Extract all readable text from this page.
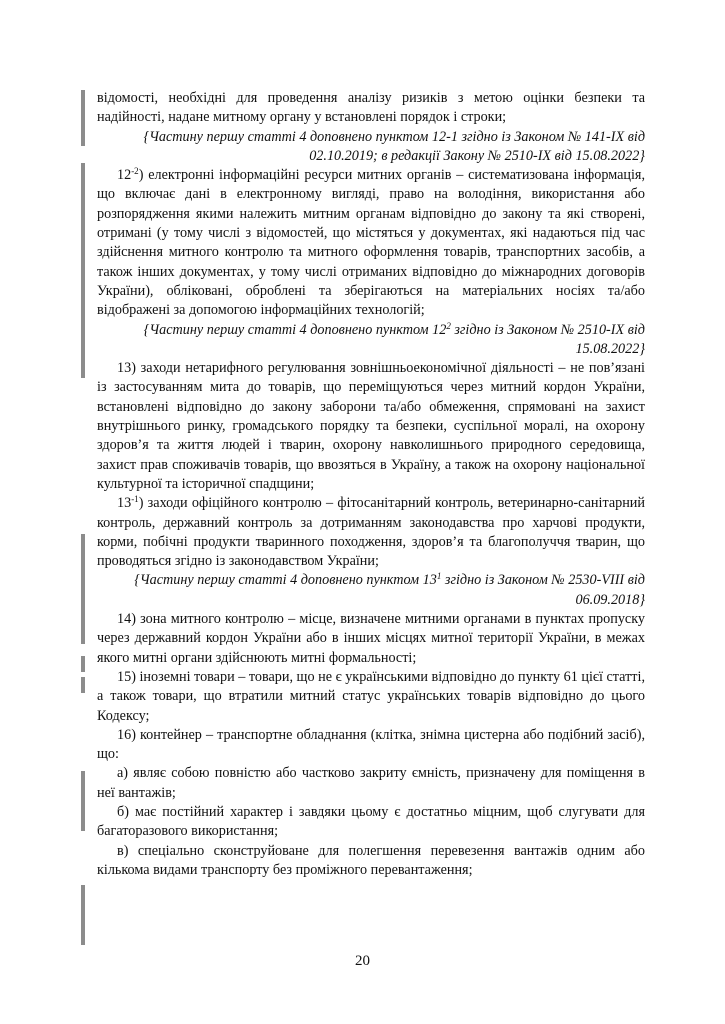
відомості, необхідні для проведення аналізу ризиків з метою оцінки безпеки та надійності, надане митному органу у встановлені порядок і строки;

{Частину першу статті 4 доповнено пунктом 12-1 згідно із Законом № 141-IX від 02.10.2019; в редакції Закону № 2510-IX від 15.08.2022}

$12^{-2}$) електронні інформаційні ресурси митних органів – систематизована інформація, що включає дані в електронному вигляді, право на володіння, використання або розпорядження якими належить митним органам відповідно до закону та які створені, отримані (у тому числі з відомостей, що містяться у документах, які надаються під час здійснення митного контролю та митного оформлення товарів, транспортних засобів, а також інших документах, у тому числі отриманих відповідно до міжнародних договорів України), обліковані, оброблені та зберігаються на матеріальних носіях та/або відображені за допомогою інформаційних технологій;

{Частину першу статті 4 доповнено пунктом $12^2$ згідно із Законом № 2510-IX від 15.08.2022}

13) заходи нетарифного регулювання зовнішньоекономічної діяльності – не пов’язані із застосуванням мита до товарів, що переміщуються через митний кордон України, встановлені відповідно до закону заборони та/або обмеження, спрямовані на захист внутрішнього ринку, громадського порядку та безпеки, суспільної моралі, на охорону здоров’я та життя людей і тварин, охорону навколишнього природного середовища, захист прав споживачів товарів, що ввозяться в Україну, а також на охорону національної культурної та історичної спадщини;

$13^{-1}$) заходи офіційного контролю – фітосанітарний контроль, ветеринарно-санітарний контроль, державний контроль за дотриманням законодавства про харчові продукти, корми, побічні продукти тваринного походження, здоров’я та благополуччя тварин, що проводяться згідно із законодавством України;

{Частину першу статті 4 доповнено пунктом $13^1$ згідно із Законом № 2530-VIII від 06.09.2018}

14) зона митного контролю – місце, визначене митними органами в пунктах пропуску через державний кордон України або в інших місцях митної території України, в межах якого митні органи здійснюють митні формальності;

15) іноземні товари – товари, що не є українськими відповідно до пункту 61 цієї статті, а також товари, що втратили митний статус українських товарів відповідно до цього Кодексу;

16) контейнер – транспортне обладнання (клітка, знімна цистерна або подібний засіб), що:

а) являє собою повністю або частково закриту ємність, призначену для поміщення в неї вантажів;

б) має постійний характер і завдяки цьому є достатньо міцним, щоб слугувати для багаторазового використання;

в) спеціально сконструйоване для полегшення перевезення вантажів одним або кількома видами транспорту без проміжного перевантаження;

20
